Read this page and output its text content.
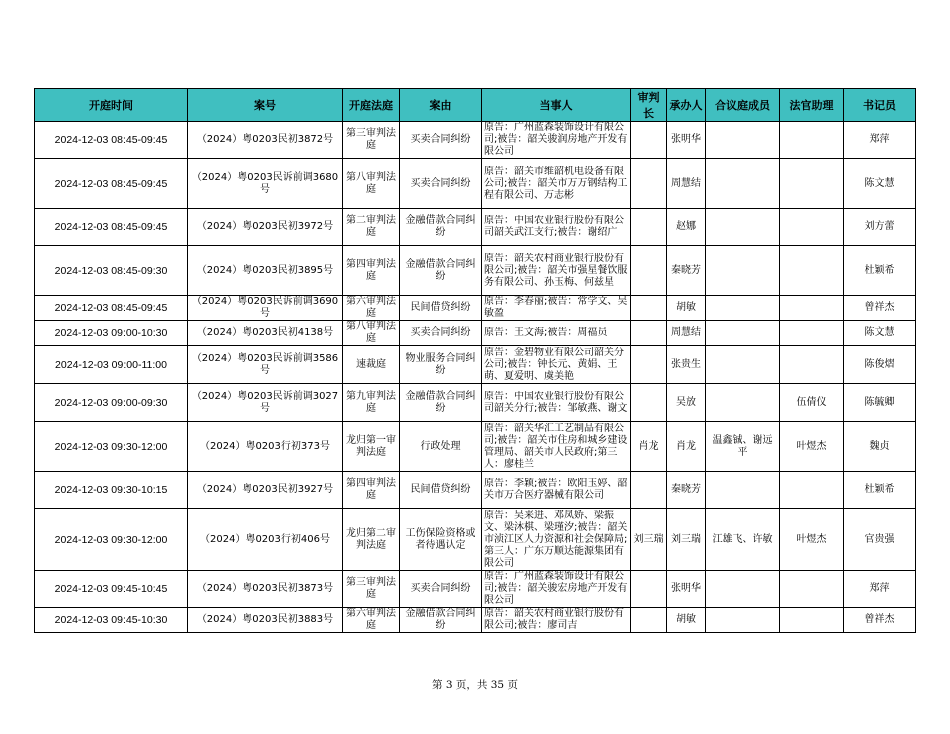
开庭时间	案号	开庭法庭	案由	当事人	审判长	承办人	合议庭成员	法官助理	书记员
2024-12-03 08:45-09:45	（2024）粤0203民初3872号	第三审判法庭	买卖合同纠纷	原告：广州蓝森装饰设计有限公司;被告：韶关骏润房地产开发有限公司		张明华			郑萍
2024-12-03 08:45-09:45	（2024）粤0203民诉前调3680号	第八审判法庭	买卖合同纠纷	原告：韶关市维韶机电设备有限公司;被告：韶关市万万钢结构工程有限公司、万志彬		周慧结			陈文慧
2024-12-03 08:45-09:45	（2024）粤0203民初3972号	第二审判法庭	金融借款合同纠纷	原告：中国农业银行股份有限公司韶关武江支行;被告：谢绍广		赵娜			刘方蕾
2024-12-03 08:45-09:30	（2024）粤0203民初3895号	第四审判法庭	金融借款合同纠纷	原告：韶关农村商业银行股份有限公司;被告：韶关市强星餐饮服务有限公司、孙玉梅、何兹星		秦晓芳			杜颖希
2024-12-03 08:45-09:45	（2024）粤0203民诉前调3690号	第六审判法庭	民间借贷纠纷	原告：李春丽;被告：常学文、吴敏盈		胡敏			曾祥杰
2024-12-03 09:00-10:30	（2024）粤0203民初4138号	第八审判法庭	买卖合同纠纷	原告：王文海;被告：周福员		周慧结			陈文慧
2024-12-03 09:00-11:00	（2024）粤0203民诉前调3586号	速裁庭	物业服务合同纠纷	原告：金碧物业有限公司韶关分公司;被告：钟长元、黄娟、王萌、夏爱明、虞美艳		张贵生			陈俊熠
2024-12-03 09:00-09:30	（2024）粤0203民诉前调3027号	第九审判法庭	金融借款合同纠纷	原告：中国农业银行股份有限公司韶关分行;被告：邹敏燕、谢文		吴放		伍倩仪	陈毓卿
2024-12-03 09:30-12:00	（2024）粤0203行初373号	龙归第一审判法庭	行政处理	原告：韶关华汇工艺制品有限公司;被告：韶关市住房和城乡建设管理局、韶关市人民政府;第三人：廖桂兰	肖龙	肖龙	温鑫铖、谢远平	叶煜杰	魏贞
2024-12-03 09:30-10:15	（2024）粤0203民初3927号	第四审判法庭	民间借贷纠纷	原告：李颖;被告：欧阳玉婷、韶关市万合医疗器械有限公司		秦晓芳			杜颖希
2024-12-03 09:30-12:00	（2024）粤0203行初406号	龙归第二审判法庭	工伤保险资格或者待遇认定	原告：吴来进、邓凤娇、梁振文、梁沐棋、梁瑾汐;被告：韶关市浈江区人力资源和社会保障局;第三人：广东万顺达能源集团有限公司	刘三瑞	刘三瑞	江雄飞、许敏	叶煜杰	官贵强
2024-12-03 09:45-10:45	（2024）粤0203民初3873号	第三审判法庭	买卖合同纠纷	原告：广州蓝森装饰设计有限公司;被告：韶关骏宏房地产开发有限公司		张明华			郑萍
2024-12-03 09:45-10:30	（2024）粤0203民初3883号	第六审判法庭	金融借款合同纠纷	原告：韶关农村商业银行股份有限公司;被告：廖司吉		胡敏			曾祥杰
第 3 页，共 35 页
